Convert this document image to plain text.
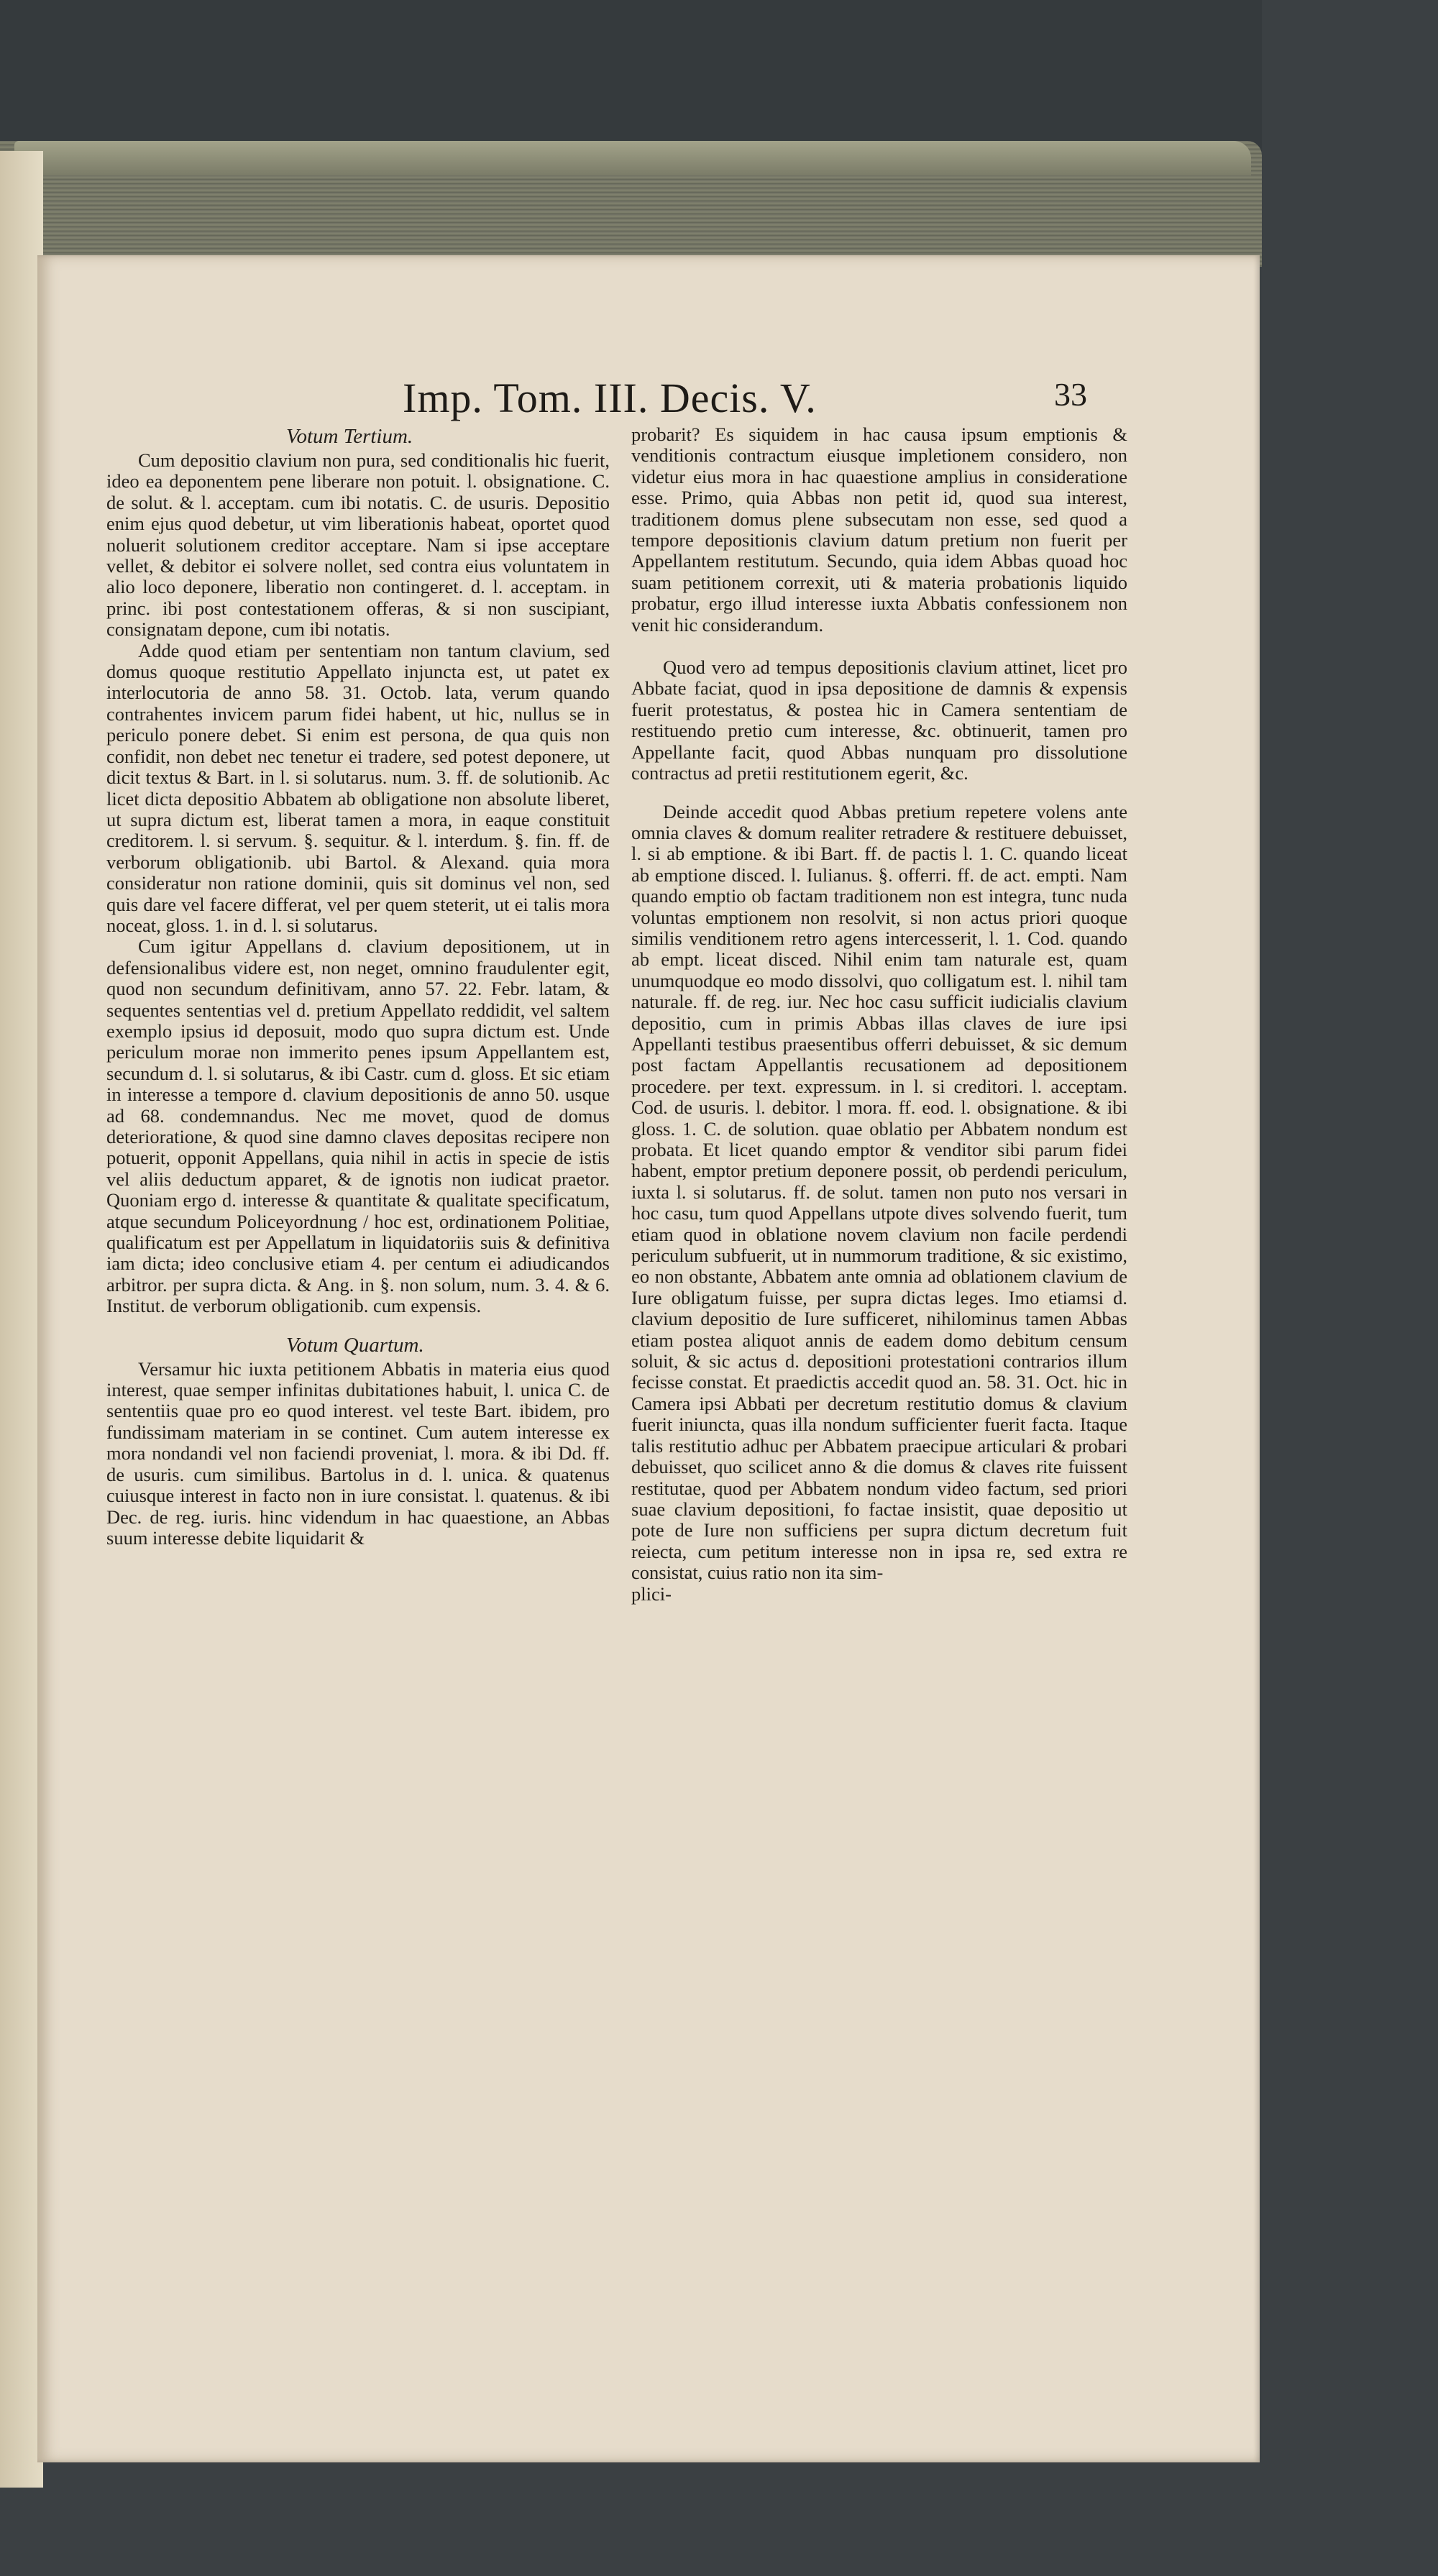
Imp. Tom. III. Decis. V.	33
Votum Tertium.

Cum depositio clavium non pura, sed conditionalis hic fuerit, ideo ea deponentem pene liberare non potuit. l. obsignatione. C. de solut. & l. acceptam. cum ibi notatis. C. de usuris. Depositio enim ejus quod debetur, ut vim liberationis habeat, oportet quod noluerit solutionem creditor acceptare. Nam si ipse acceptare vellet, & debitor ei solvere nollet, sed contra eius voluntatem in alio loco deponere, liberatio non contingeret. d. l. acceptam. in princ. ibi post contestationem offeras, & si non suscipiant, consignatam depone, cum ibi notatis.

Adde quod etiam per sententiam non tantum clavium, sed domus quoque restitutio Appellato injuncta est, ut patet ex interlocutoria de anno 58. 31. Octob. lata, verum quando contrahentes invicem parum fidei habent, ut hic, nullus se in periculo ponere debet. Si enim est persona, de qua quis non confidit, non debet nec tenetur ei tradere, sed potest deponere, ut dicit textus & Bart. in l. si solutarus. num. 3. ff. de solutionib. Ac licet dicta depositio Abbatem ab obligatione non absolute liberet, ut supra dictum est, liberat tamen a mora, in eaque constituit creditorem. l. si servum. §. sequitur. & l. interdum. §. fin. ff. de verborum obligationib. ubi Bartol. & Alexand. quia mora consideratur non ratione dominii, quis sit dominus vel non, sed quis dare vel facere differat, vel per quem steterit, ut ei talis mora noceat, gloss. 1. in d. l. si solutarus.

Cum igitur Appellans d. clavium depositionem, ut in defensionalibus videre est, non neget, omnino fraudulenter egit, quod non secundum definitivam, anno 57. 22. Febr. latam, & sequentes sententias vel d. pretium Appellato reddidit, vel saltem exemplo ipsius id deposuit, modo quo supra dictum est. Unde periculum morae non immerito penes ipsum Appellantem est, secundum d. l. si solutarus, & ibi Castr. cum d. gloss. Et sic etiam in interesse a tempore d. clavium depositionis de anno 50. usque ad 68. condemnandus. Nec me movet, quod de domus deterioratione, & quod sine damno claves depositas recipere non potuerit, opponit Appellans, quia nihil in actis in specie de istis vel aliis deductum apparet, & de ignotis non iudicat praetor. Quoniam ergo d. interesse & quantitate & qualitate specificatum, atque secundum Policeyordnung / hoc est, ordinationem Politiae, qualificatum est per Appellatum in liquidatoriis suis & definitiva iam dicta; ideo conclusive etiam 4. per centum ei adiudicandos arbitror. per supra dicta. & Ang. in §. non solum, num. 3. 4. & 6. Institut. de verborum obligationib. cum expensis.

Votum Quartum.

Versamur hic iuxta petitionem Abbatis in materia eius quod interest, quae semper infinitas dubitationes habuit, l. unica C. de sententiis quae pro eo quod interest. vel teste Bart. ibidem, pro fundissimam materiam in se continet. Cum autem interesse ex mora nondandi vel non faciendi proveniat, l. mora. & ibi Dd. ff. de usuris. cum similibus. Bartolus in d. l. unica. & quatenus cuiusque interest in facto non in iure consistat. l. quatenus. & ibi Dec. de reg. iuris. hinc videndum in hac quaestione, an Abbas suum interesse debite liquidarit &

probarit? Es siquidem in hac causa ipsum emptionis & venditionis contractum eiusque impletionem considero, non videtur eius mora in hac quaestione amplius in consideratione esse. Primo, quia Abbas non petit id, quod sua interest, traditionem domus plene subsecutam non esse, sed quod a tempore depositionis clavium datum pretium non fuerit per Appellantem restitutum. Secundo, quia idem Abbas quoad hoc suam petitionem correxit, uti & materia probationis liquido probatur, ergo illud interesse iuxta Abbatis confessionem non venit hic considerandum.

Quod vero ad tempus depositionis clavium attinet, licet pro Abbate faciat, quod in ipsa depositione de damnis & expensis fuerit protestatus, & postea hic in Camera sententiam de restituendo pretio cum interesse, &c. obtinuerit, tamen pro Appellante facit, quod Abbas nunquam pro dissolutione contractus ad pretii restitutionem egerit, &c.

Deinde accedit quod Abbas pretium repetere volens ante omnia claves & domum realiter retradere & restituere debuisset, l. si ab emptione. & ibi Bart. ff. de pactis l. 1. C. quando liceat ab emptione disced. l. Iulianus. §. offerri. ff. de act. empti. Nam quando emptio ob factam traditionem non est integra, tunc nuda voluntas emptionem non resolvit, si non actus priori quoque similis venditionem retro agens intercesserit, l. 1. Cod. quando ab empt. liceat disced. Nihil enim tam naturale est, quam unumquodque eo modo dissolvi, quo colligatum est. l. nihil tam naturale. ff. de reg. iur. Nec hoc casu sufficit iudicialis clavium depositio, cum in primis Abbas illas claves de iure ipsi Appellanti testibus praesentibus offerri debuisset, & sic demum post factam Appellantis recusationem ad depositionem procedere. per text. expressum. in l. si creditori. l. acceptam. Cod. de usuris. l. debitor. l mora. ff. eod. l. obsignatione. & ibi gloss. 1. C. de solution. quae oblatio per Abbatem nondum est probata. Et licet quando emptor & venditor sibi parum fidei habent, emptor pretium deponere possit, ob perdendi periculum, iuxta l. si solutarus. ff. de solut. tamen non puto nos versari in hoc casu, tum quod Appellans utpote dives solvendo fuerit, tum etiam quod in oblatione novem clavium non facile perdendi periculum subfuerit, ut in nummorum traditione, & sic existimo, eo non obstante, Abbatem ante omnia ad oblationem clavium de Iure obligatum fuisse, per supra dictas leges. Imo etiamsi d. clavium depositio de Iure sufficeret, nihilominus tamen Abbas etiam postea aliquot annis de eadem domo debitum censum soluit, & sic actus d. depositioni protestationi contrarios illum fecisse constat. Et praedictis accedit quod an. 58. 31. Oct. hic in Camera ipsi Abbati per decretum restitutio domus & clavium fuerit iniuncta, quas illa nondum sufficienter fuerit facta. Itaque talis restitutio adhuc per Abbatem praecipue articulari & probari debuisset, quo scilicet anno & die domus & claves rite fuissent restitutae, quod per Abbatem nondum video factum, sed priori suae clavium depositioni, fo factae insistit, quae depositio ut pote de Iure non sufficiens per supra dictum decretum fuit reiecta, cum petitum interesse non in ipsa re, sed extra re consistat, cuius ratio non ita sim-

plici-
